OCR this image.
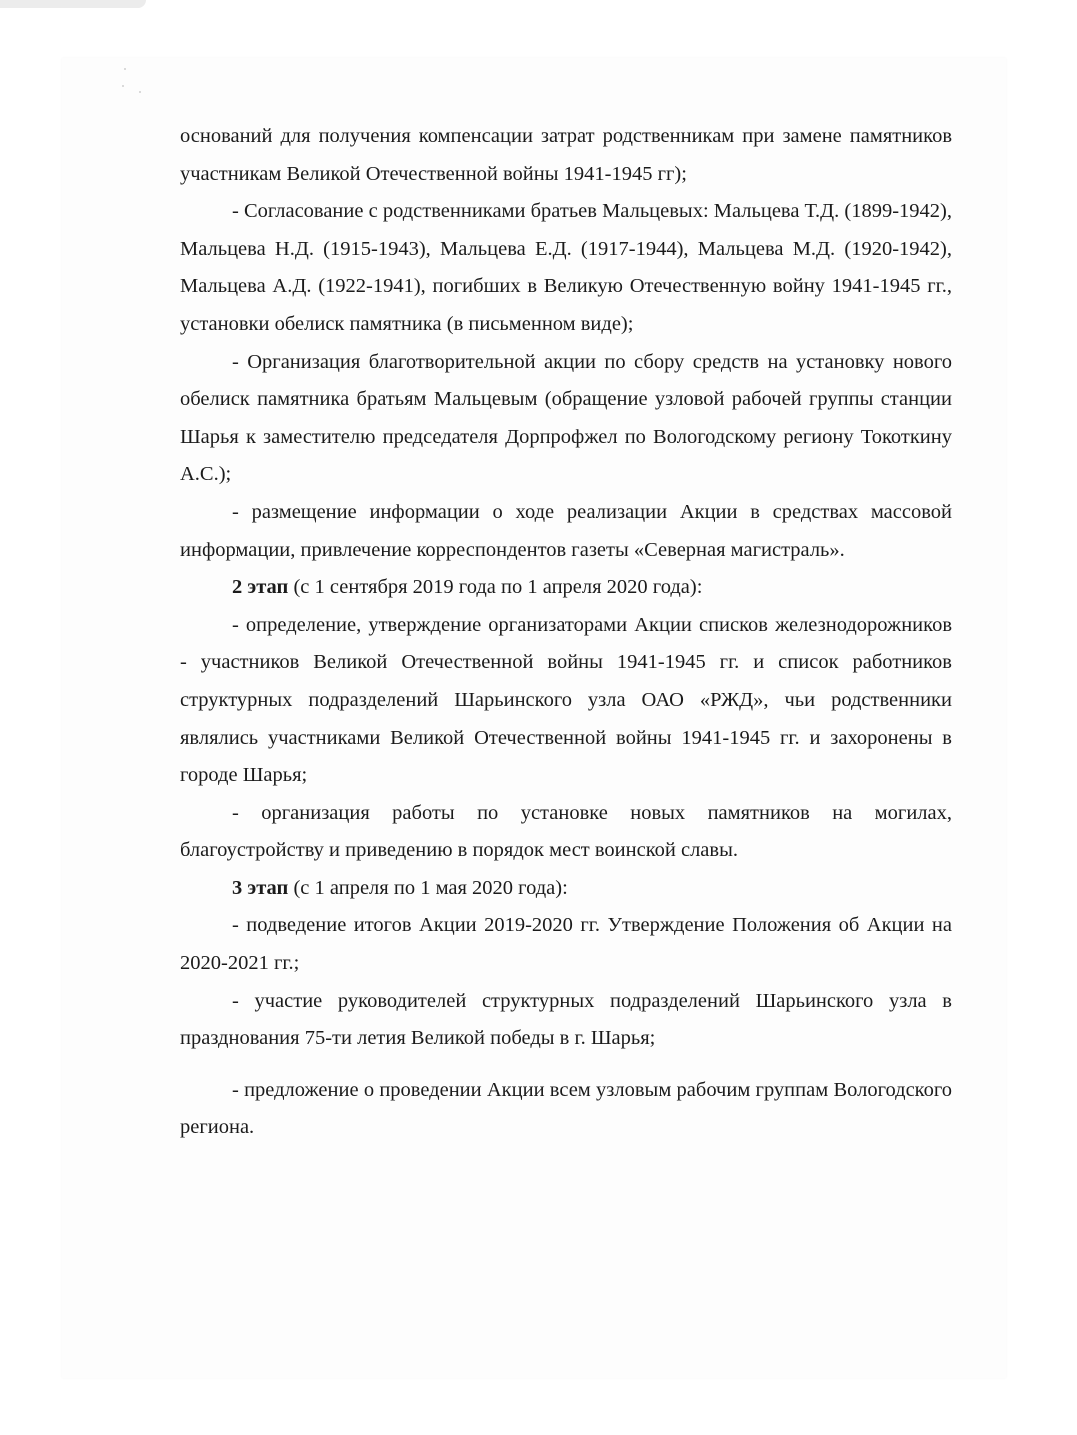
оснований для получения компенсации затрат родственникам при замене памятников участникам Великой Отечественной войны 1941-1945 гг);

- Согласование с родственниками братьев Мальцевых: Мальцева Т.Д. (1899-1942), Мальцева Н.Д. (1915-1943), Мальцева Е.Д. (1917-1944), Мальцева М.Д. (1920-1942), Мальцева А.Д. (1922-1941), погибших в Великую Отечественную войну 1941-1945 гг., установки обелиск памятника (в письменном виде);

- Организация благотворительной акции по сбору средств на установку нового обелиск памятника братьям Мальцевым (обращение узловой рабочей группы станции Шарья к заместителю председателя Дорпрофжел по Вологодскому региону Токоткину А.С.);

- размещение информации о ходе реализации Акции в средствах массовой информации, привлечение корреспондентов газеты «Северная магистраль».

2 этап (с 1 сентября 2019 года по 1 апреля 2020 года):

- определение, утверждение организаторами Акции списков железнодорожников - участников Великой Отечественной войны 1941-1945 гг. и список работников структурных подразделений Шарьинского узла ОАО «РЖД», чьи родственники являлись участниками Великой Отечественной войны 1941-1945 гг. и захоронены в городе Шарья;

- организация работы по установке новых памятников на могилах, благоустройству и приведению в порядок мест воинской славы.

3 этап (с 1 апреля по 1 мая 2020 года):

- подведение итогов Акции 2019-2020 гг. Утверждение Положения об Акции на 2020-2021 гг.;

- участие руководителей структурных подразделений Шарьинского узла в празднования 75-ти летия Великой победы в г. Шарья;

- предложение о проведении Акции всем узловым рабочим группам Вологодского региона.
